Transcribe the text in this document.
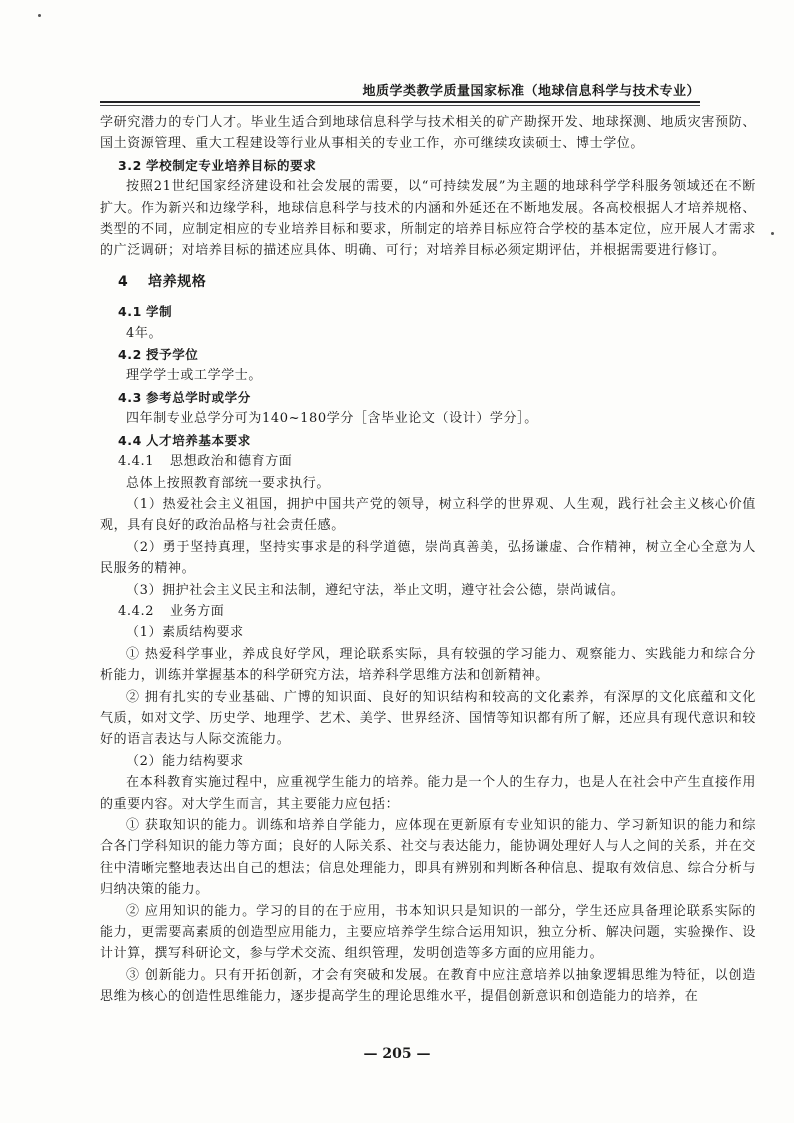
地质学类教学质量国家标准（地球信息科学与技术专业）

学研究潜力的专门人才。毕业生适合到地球信息科学与技术相关的矿产勘探开发、地球探测、地质灾害预防、国土资源管理、重大工程建设等行业从事相关的专业工作，亦可继续攻读硕士、博士学位。

3.2 学校制定专业培养目标的要求

按照21世纪国家经济建设和社会发展的需要，以“可持续发展”为主题的地球科学学科服务领域还在不断扩大。作为新兴和边缘学科，地球信息科学与技术的内涵和外延还在不断地发展。各高校根据人才培养规格、类型的不同，应制定相应的专业培养目标和要求，所制定的培养目标应符合学校的基本定位，应开展人才需求的广泛调研；对培养目标的描述应具体、明确、可行；对培养目标必须定期评估，并根据需要进行修订。

4 培养规格
4.1 学制

4年。

4.2 授予学位

理学学士或工学学士。

4.3 参考总学时或学分

四年制专业总学分可为140~180学分［含毕业论文（设计）学分］。

4.4 人才培养基本要求
4.4.1 思想政治和德育方面

总体上按照教育部统一要求执行。

（1）热爱社会主义祖国，拥护中国共产党的领导，树立科学的世界观、人生观，践行社会主义核心价值观，具有良好的政治品格与社会责任感。

（2）勇于坚持真理，坚持实事求是的科学道德，崇尚真善美，弘扬谦虚、合作精神，树立全心全意为人民服务的精神。

（3）拥护社会主义民主和法制，遵纪守法，举止文明，遵守社会公德，崇尚诚信。

4.4.2 业务方面

（1）素质结构要求

① 热爱科学事业，养成良好学风，理论联系实际，具有较强的学习能力、观察能力、实践能力和综合分析能力，训练并掌握基本的科学研究方法，培养科学思维方法和创新精神。

② 拥有扎实的专业基础、广博的知识面、良好的知识结构和较高的文化素养，有深厚的文化底蕴和文化气质，如对文学、历史学、地理学、艺术、美学、世界经济、国情等知识都有所了解，还应具有现代意识和较好的语言表达与人际交流能力。

（2）能力结构要求

在本科教育实施过程中，应重视学生能力的培养。能力是一个人的生存力，也是人在社会中产生直接作用的重要内容。对大学生而言，其主要能力应包括：

① 获取知识的能力。训练和培养自学能力，应体现在更新原有专业知识的能力、学习新知识的能力和综合各门学科知识的能力等方面；良好的人际关系、社交与表达能力，能协调处理好人与人之间的关系，并在交往中清晰完整地表达出自己的想法；信息处理能力，即具有辨别和判断各种信息、提取有效信息、综合分析与归纳决策的能力。

② 应用知识的能力。学习的目的在于应用，书本知识只是知识的一部分，学生还应具备理论联系实际的能力，更需要高素质的创造型应用能力，主要应培养学生综合运用知识，独立分析、解决问题，实验操作、设计计算，撰写科研论文，参与学术交流、组织管理，发明创造等多方面的应用能力。

③ 创新能力。只有开拓创新，才会有突破和发展。在教育中应注意培养以抽象逻辑思维为特征，以创造思维为核心的创造性思维能力，逐步提高学生的理论思维水平，提倡创新意识和创造能力的培养，在

— 205 —
